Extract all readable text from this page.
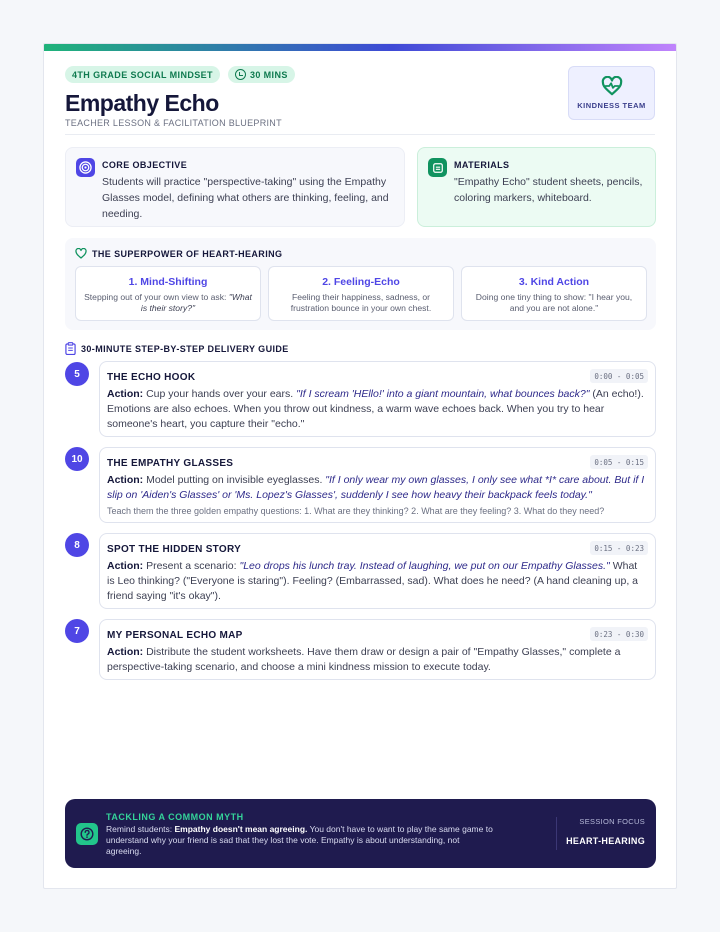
4TH GRADE SOCIAL MINDSET	30 MINS
Empathy Echo
TEACHER LESSON & FACILITATION BLUEPRINT
KINDNESS TEAM
CORE OBJECTIVE

Students will practice "perspective-taking" using the Empathy Glasses model, defining what others are thinking, feeling, and needing.

MATERIALS

"Empathy Echo" student sheets, pencils, coloring markers, whiteboard.

THE SUPERPOWER OF HEART-HEARING
1. Mind-Shifting

Stepping out of your own view to ask: "What is their story?"

2. Feeling-Echo

Feeling their happiness, sadness, or frustration bounce in your own chest.

3. Kind Action

Doing one tiny thing to show: "I hear you, and you are not alone."

30-MINUTE STEP-BY-STEP DELIVERY GUIDE
5	0:00 - 0:05
THE ECHO HOOK

Action: Cup your hands over your ears. "If I scream 'HEllo!' into a giant mountain, what bounces back?" (An echo!). Emotions are also echoes. When you throw out kindness, a warm wave echoes back. When you try to hear someone's heart, you capture their "echo."

10	0:05 - 0:15
THE EMPATHY GLASSES

Action: Model putting on invisible eyeglasses. "If I only wear my own glasses, I only see what *I* care about. But if I slip on 'Aiden's Glasses' or 'Ms. Lopez's Glasses', suddenly I see how heavy their backpack feels today."

Teach them the three golden empathy questions: 1. What are they thinking? 2. What are they feeling? 3. What do they need?

8	0:15 - 0:23
SPOT THE HIDDEN STORY

Action: Present a scenario: "Leo drops his lunch tray. Instead of laughing, we put on our Empathy Glasses." What is Leo thinking? ("Everyone is staring"). Feeling? (Embarrassed, sad). What does he need? (A hand cleaning up, a friend saying "it's okay").

7	0:23 - 0:30
MY PERSONAL ECHO MAP

Action: Distribute the student worksheets. Have them draw or design a pair of "Empathy Glasses," complete a perspective-taking scenario, and choose a mini kindness mission to execute today.

TACKLING A COMMON MYTH
Remind students: Empathy doesn't mean agreeing. You don't have to want to play the same game to understand why your friend is sad that they lost the vote. Empathy is about understanding, not agreeing.
SESSION FOCUS
HEART-HEARING
